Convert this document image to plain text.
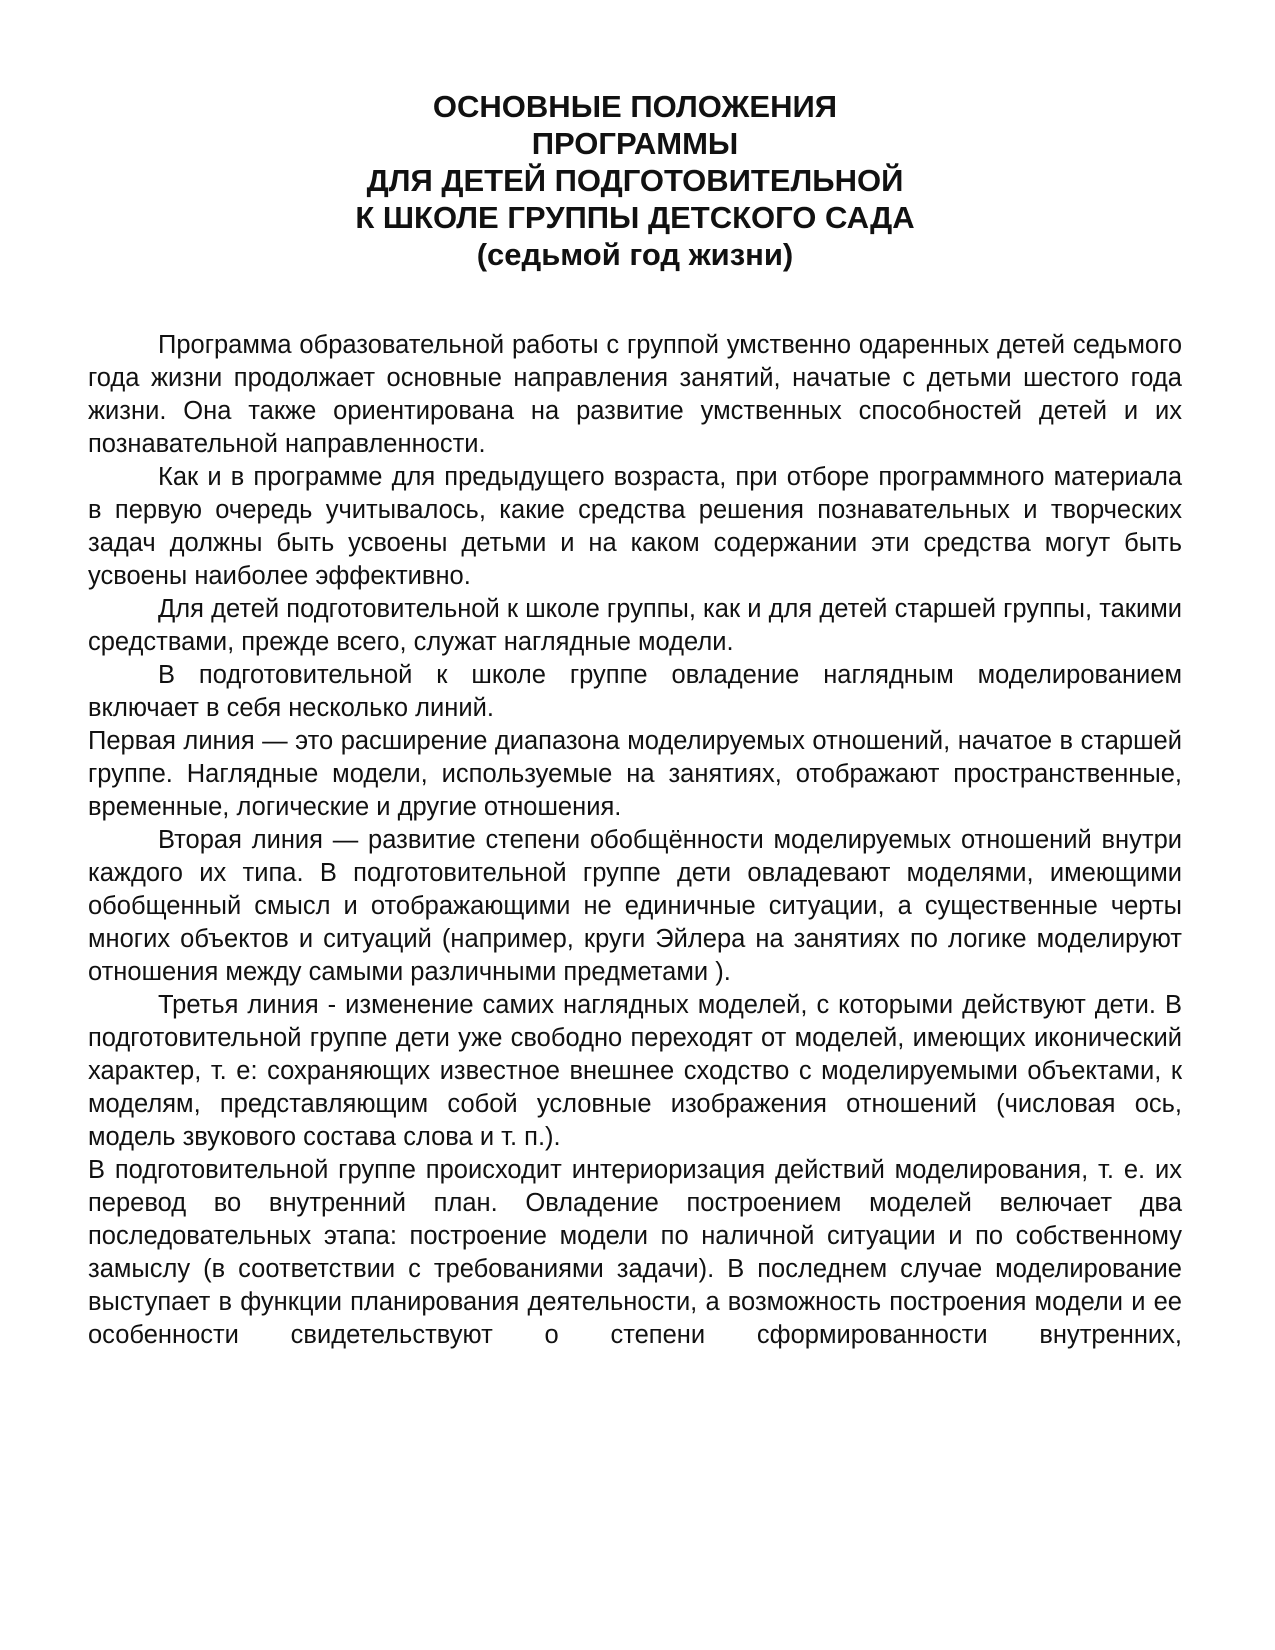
ОСНОВНЫЕ ПОЛОЖЕНИЯ
ПРОГРАММЫ
ДЛЯ ДЕТЕЙ ПОДГОТОВИТЕЛЬНОЙ
К ШКОЛЕ ГРУППЫ ДЕТСКОГО САДА
(седьмой год жизни)

Программа образовательной работы с группой умственно одаренных детей седьмого года жизни продолжает основные направления занятий, начатые с детьми шестого года жизни. Она также ориентирована на развитие умственных способностей детей и их познавательной направленности.

Как и в программе для предыдущего возраста, при отборе программного материала в первую очередь учитывалось, какие средства решения познавательных и творческих задач должны быть усвоены детьми и на каком содержании эти средства могут быть усвоены наиболее эффективно.

Для детей подготовительной к школе группы, как и для детей старшей группы, такими средствами, прежде всего, служат наглядные модели.

В подготовительной к школе группе овладение наглядным моделированием включает в себя несколько линий.

Первая линия — это расширение диапазона моделируемых отношений, начатое в старшей группе. Наглядные модели, используемые на занятиях, отображают пространственные, временные, логические и другие отношения.

Вторая линия — развитие степени обобщённости моделируемых отношений внутри каждого их типа. В подготовительной группе дети овладевают моделями, имеющими обобщенный смысл и отображающими не единичные ситуации, а существенные черты многих объектов и ситуаций (например, круги Эйлера на занятиях по логике моделируют отношения между самыми различными предметами ).

Третья линия - изменение самих наглядных моделей, с которыми действуют дети. В подготовительной группе дети уже свободно переходят от моделей, имеющих иконический характер, т. е: сохраняющих известное внешнее сходство с моделируемыми объектами, к моделям, представляющим собой условные изображения отношений (числовая ось, модель звукового состава слова и т. п.).

В подготовительной группе происходит интериоризация действий моделирования, т. е. их перевод во внутренний план. Овладение построением моделей велючает два последовательных этапа: построение модели по наличной ситуации и по собственному замыслу (в соответствии с требованиями задачи). В последнем случае моделирование выступает в функции планирования деятельности, а возможность построения модели и ее особенности свидетельствуют о степени сформированности внутренних,
